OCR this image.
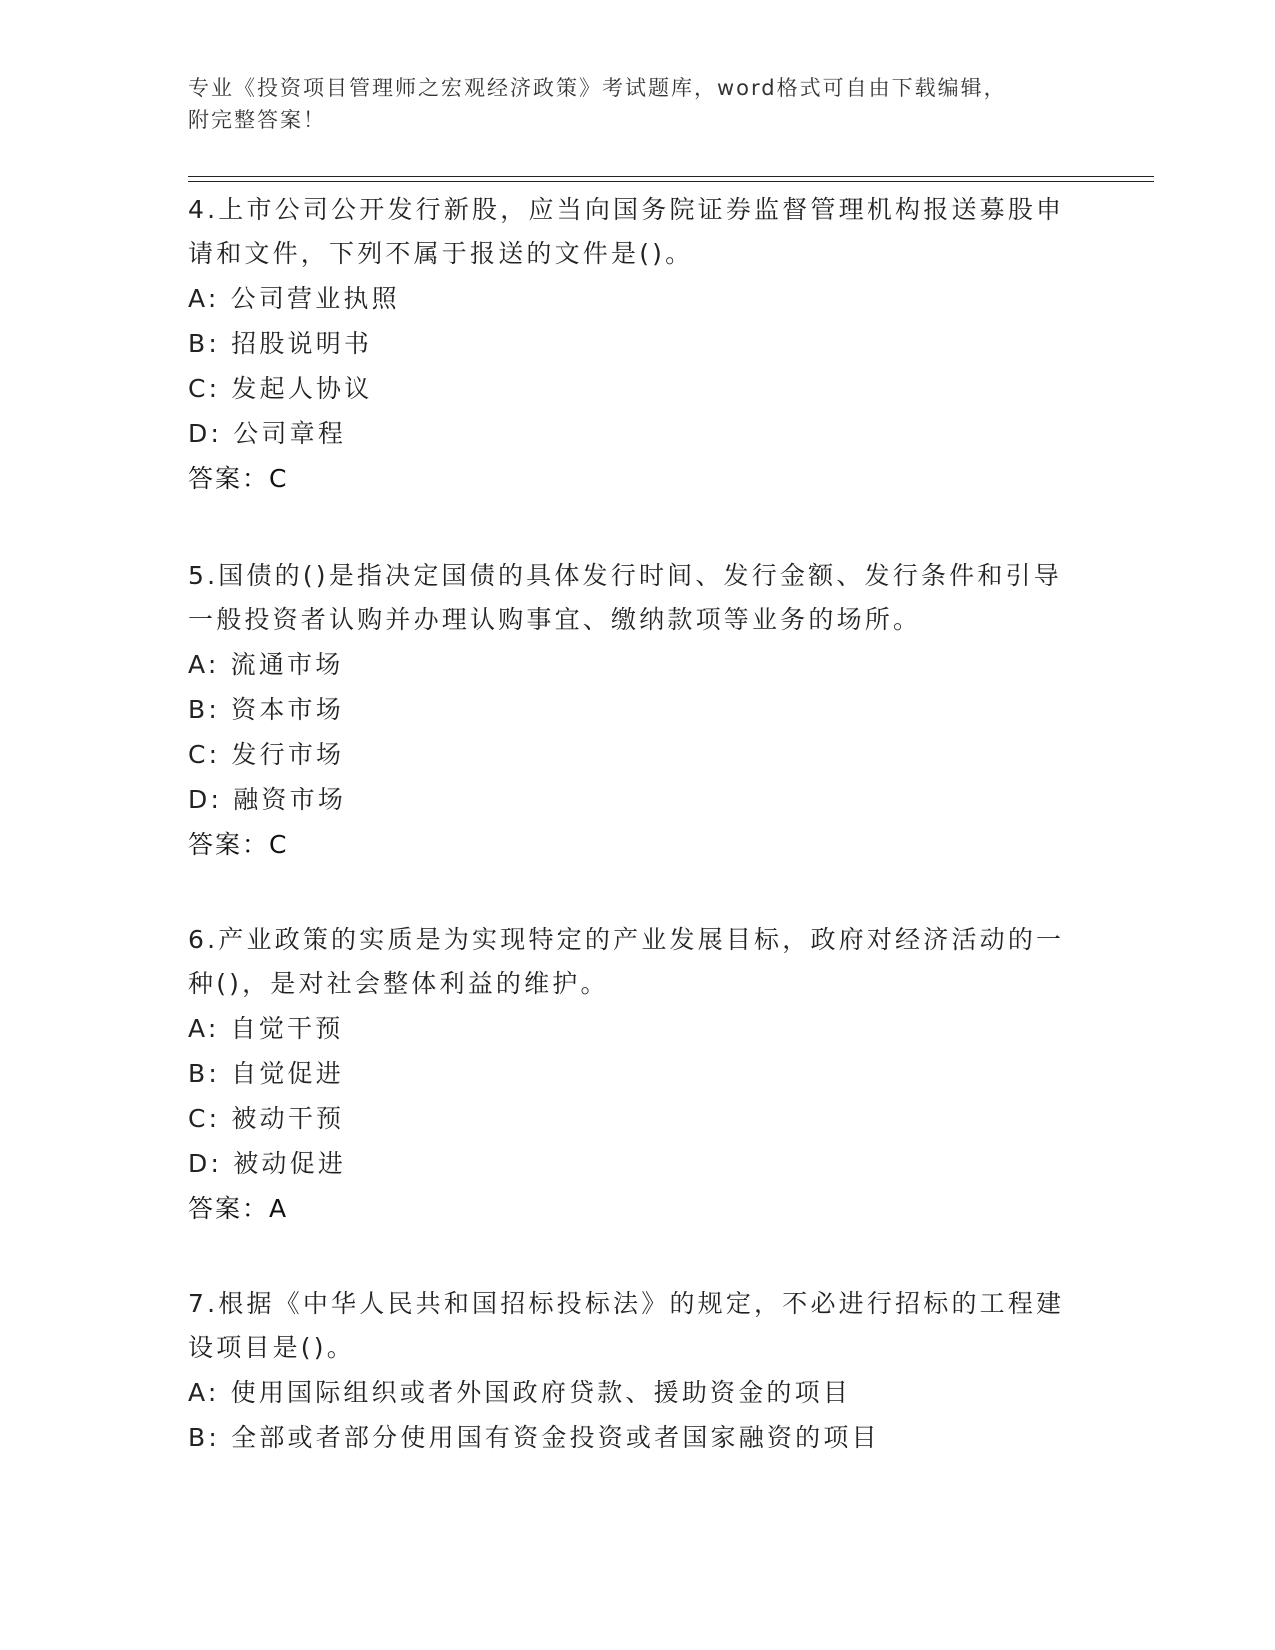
专业《投资项目管理师之宏观经济政策》考试题库，word格式可自由下载编辑，
附完整答案！

4.上市公司公开发行新股，应当向国务院证券监督管理机构报送募股申请和文件，下列不属于报送的文件是()。

A: 公司营业执照

B: 招股说明书

C: 发起人协议

D: 公司章程

答案：C

5.国债的()是指决定国债的具体发行时间、发行金额、发行条件和引导一般投资者认购并办理认购事宜、缴纳款项等业务的场所。

A: 流通市场

B: 资本市场

C: 发行市场

D: 融资市场

答案：C

6.产业政策的实质是为实现特定的产业发展目标，政府对经济活动的一种()，是对社会整体利益的维护。

A: 自觉干预

B: 自觉促进

C: 被动干预

D: 被动促进

答案：A

7.根据《中华人民共和国招标投标法》的规定，不必进行招标的工程建设项目是()。

A: 使用国际组织或者外国政府贷款、援助资金的项目

B: 全部或者部分使用国有资金投资或者国家融资的项目
